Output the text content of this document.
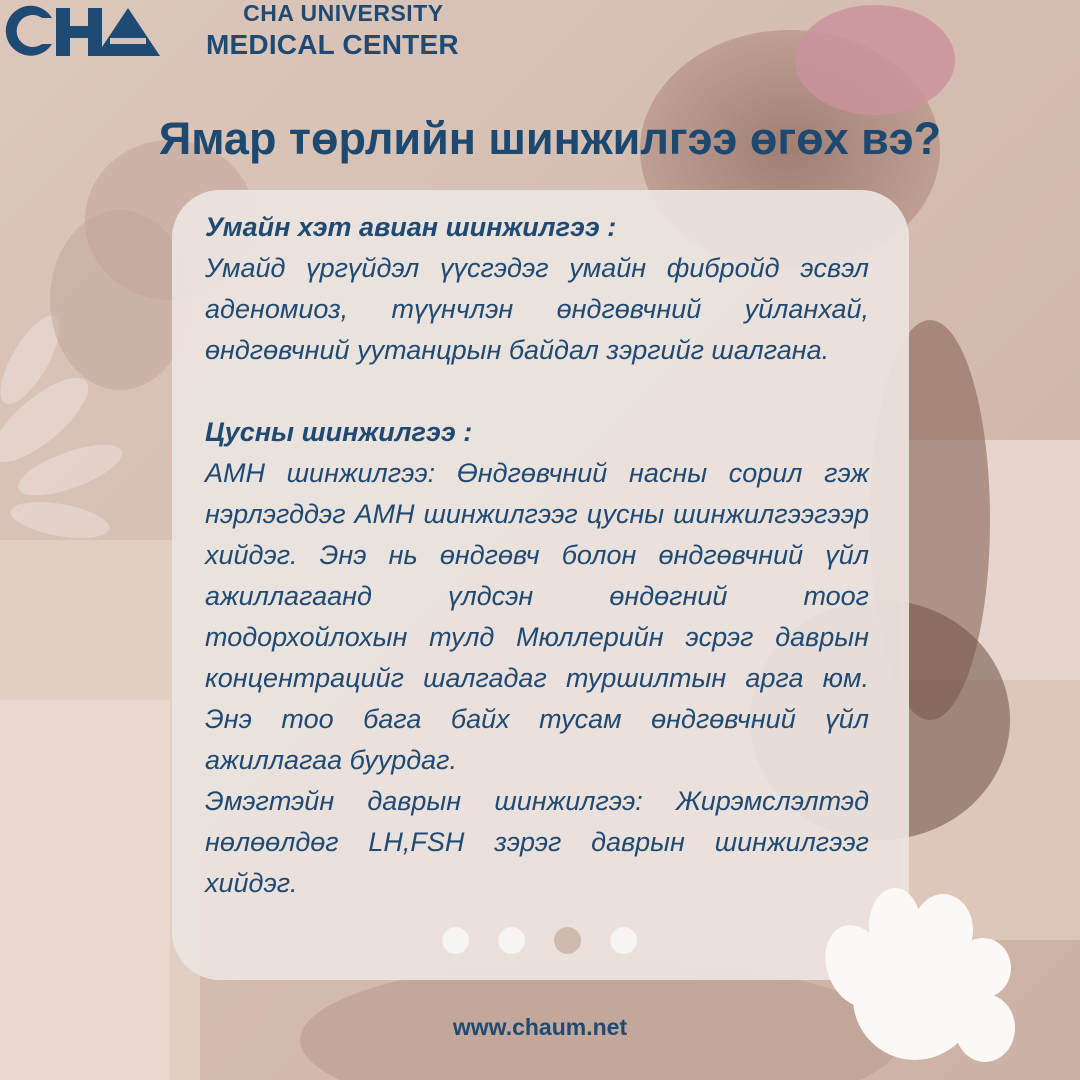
CHA UNIVERSITY
MEDICAL CENTER
Ямар төрлийн шинжилгээ өгөх вэ?

Умайн хэт авиан шинжилгээ :

Умайд үргүйдэл үүсгэдэг умайн фибройд эсвэл аденомиоз, түүнчлэн өндгөвчний уйланхай, өндгөвчний уутанцрын байдал зэргийг шалгана.

Цусны шинжилгээ :

АМН шинжилгээ: Өндгөвчний насны сорил гэж нэрлэгддэг АМН шинжилгээг цусны шинжилгээгээр хийдэг. Энэ нь өндгөвч болон өндгөвчний үйл ажиллагаанд үлдсэн өндөгний тоог тодорхойлохын тулд Мюллерийн эсрэг даврын концентрацийг шалгадаг туршилтын арга юм. Энэ тоо бага байх тусам өндгөвчний үйл ажиллагаа буурдаг.

Эмэгтэйн даврын шинжилгээ: Жирэмслэлтэд нөлөөлдөг LH,FSH зэрэг даврын шинжилгээг хийдэг.

www.chaum.net
